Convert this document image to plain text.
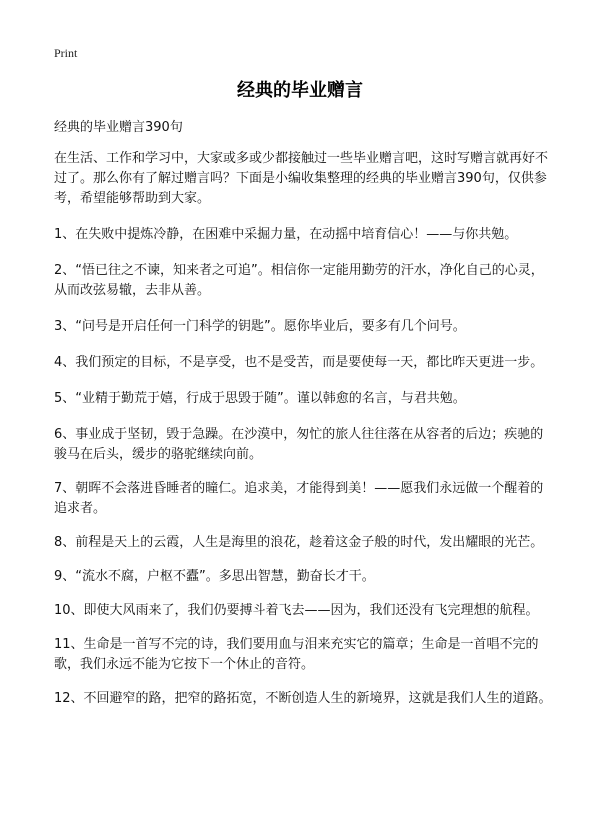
Print
经典的毕业赠言

经典的毕业赠言390句

在生活、工作和学习中，大家或多或少都接触过一些毕业赠言吧，这时写赠言就再好不过了。那么你有了解过赠言吗？下面是小编收集整理的经典的毕业赠言390句，仅供参考，希望能够帮助到大家。

1、在失败中提炼冷静，在困难中采掘力量，在动摇中培育信心！——与你共勉。
2、“悟已往之不谏，知来者之可追”。相信你一定能用勤劳的汗水，净化自己的心灵，从而改弦易辙，去非从善。
3、“问号是开启任何一门科学的钥匙”。愿你毕业后，要多有几个问号。
4、我们预定的目标，不是享受，也不是受苦，而是要使每一天，都比昨天更进一步。
5、“业精于勤荒于嬉，行成于思毁于随”。谨以韩愈的名言，与君共勉。
6、事业成于坚韧，毁于急躁。在沙漠中，匆忙的旅人往往落在从容者的后边；疾驰的骏马在后头，缓步的骆驼继续向前。
7、朝晖不会落进昏睡者的瞳仁。追求美，才能得到美！——愿我们永远做一个醒着的追求者。
8、前程是天上的云霞，人生是海里的浪花，趁着这金子般的时代，发出耀眼的光芒。
9、“流水不腐，户枢不蠹”。多思出智慧，勤奋长才干。
10、即使大风雨来了，我们仍要搏斗着飞去——因为，我们还没有飞完理想的航程。
11、生命是一首写不完的诗，我们要用血与泪来充实它的篇章；生命是一首唱不完的歌，我们永远不能为它按下一个休止的音符。
12、不回避窄的路，把窄的路拓宽，不断创造人生的新境界，这就是我们人生的道路。
